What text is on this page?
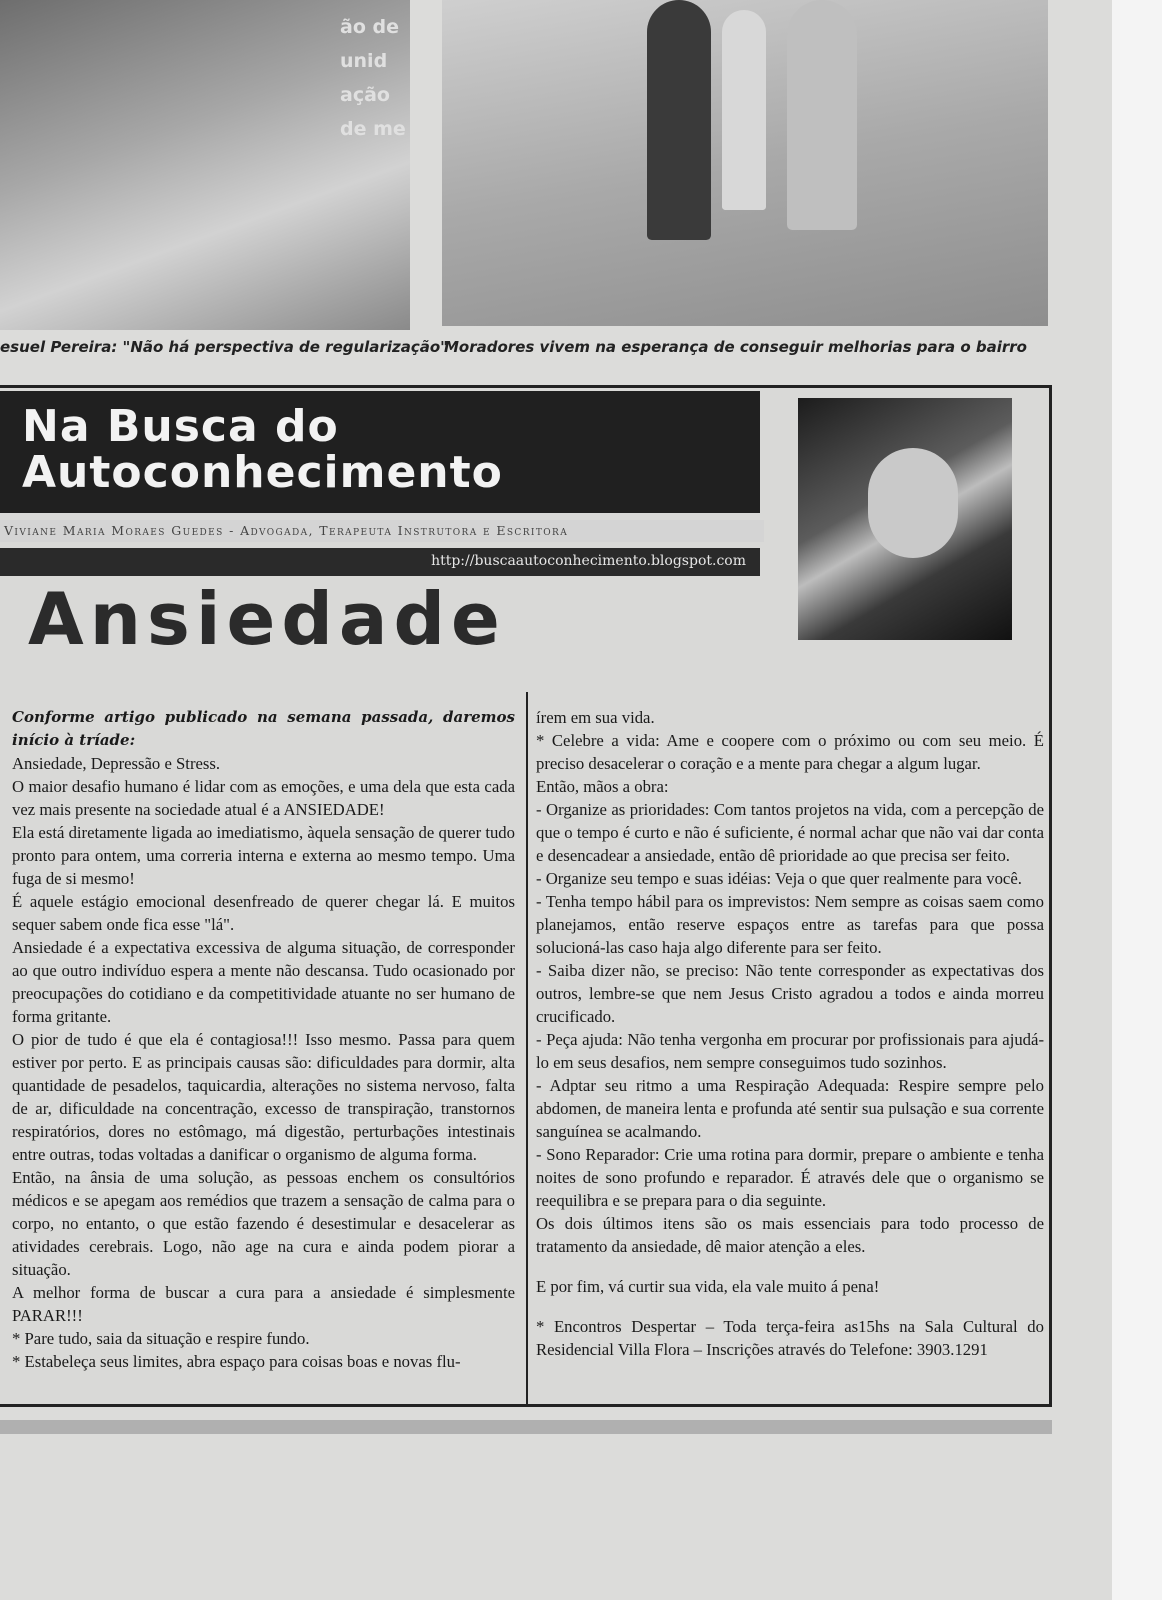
ão de unid
ação de me
esuel Pereira: "Não há perspectiva de regularização"
Moradores vivem na esperança de conseguir melhorias para o bairro
Na Busca do
Autoconhecimento
Viviane Maria Moraes Guedes - Advogada, Terapeuta Instrutora e Escritora
http://buscaautoconhecimento.blogspot.com
Ansiedade

Conforme artigo publicado na semana passada, daremos início à tríade:

Ansiedade, Depressão e Stress.

O maior desafio humano é lidar com as emoções, e uma dela que esta cada vez mais presente na sociedade atual é a ANSIEDADE!

Ela está diretamente ligada ao imediatismo, àquela sensação de querer tudo pronto para ontem, uma correria interna e externa ao mesmo tempo. Uma fuga de si mesmo!

É aquele estágio emocional desenfreado de querer chegar lá. E muitos sequer sabem onde fica esse "lá".

Ansiedade é a expectativa excessiva de alguma situação, de corresponder ao que outro indivíduo espera a mente não descansa. Tudo ocasionado por preocupações do cotidiano e da competitividade atuante no ser humano de forma gritante.

O pior de tudo é que ela é contagiosa!!! Isso mesmo. Passa para quem estiver por perto. E as principais causas são: dificuldades para dormir, alta quantidade de pesadelos, taquicardia, alterações no sistema nervoso, falta de ar, dificuldade na concentração, excesso de transpiração, transtornos respiratórios, dores no estômago, má digestão, perturbações intestinais entre outras, todas voltadas a danificar o organismo de alguma forma.

Então, na ânsia de uma solução, as pessoas enchem os consultórios médicos e se apegam aos remédios que trazem a sensação de calma para o corpo, no entanto, o que estão fazendo é desestimular e desacelerar as atividades cerebrais. Logo, não age na cura e ainda podem piorar a situação.

A melhor forma de buscar a cura para a ansiedade é simplesmente PARAR!!!

* Pare tudo, saia da situação e respire fundo.

* Estabeleça seus limites, abra espaço para coisas boas e novas flu-

írem em sua vida.

* Celebre a vida: Ame e coopere com o próximo ou com seu meio. É preciso desacelerar o coração e a mente para chegar a algum lugar.

Então, mãos a obra:

- Organize as prioridades: Com tantos projetos na vida, com a percepção de que o tempo é curto e não é suficiente, é normal achar que não vai dar conta e desencadear a ansiedade, então dê prioridade ao que precisa ser feito.

- Organize seu tempo e suas idéias: Veja o que quer realmente para você.

- Tenha tempo hábil para os imprevistos: Nem sempre as coisas saem como planejamos, então reserve espaços entre as tarefas para que possa solucioná-las caso haja algo diferente para ser feito.

- Saiba dizer não, se preciso: Não tente corresponder as expectativas dos outros, lembre-se que nem Jesus Cristo agradou a todos e ainda morreu crucificado.

- Peça ajuda: Não tenha vergonha em procurar por profissionais para ajudá-lo em seus desafios, nem sempre conseguimos tudo sozinhos.

- Adptar seu ritmo a uma Respiração Adequada: Respire sempre pelo abdomen, de maneira lenta e profunda até sentir sua pulsação e sua corrente sanguínea se acalmando.

- Sono Reparador: Crie uma rotina para dormir, prepare o ambiente e tenha noites de sono profundo e reparador. É através dele que o organismo se reequilibra e se prepara para o dia seguinte.

Os dois últimos itens são os mais essenciais para todo processo de tratamento da ansiedade, dê maior atenção a eles.

E por fim, vá curtir sua vida, ela vale muito á pena!

* Encontros Despertar – Toda terça-feira as15hs na Sala Cultural do Residencial Villa Flora – Inscrições através do Telefone: 3903.1291
